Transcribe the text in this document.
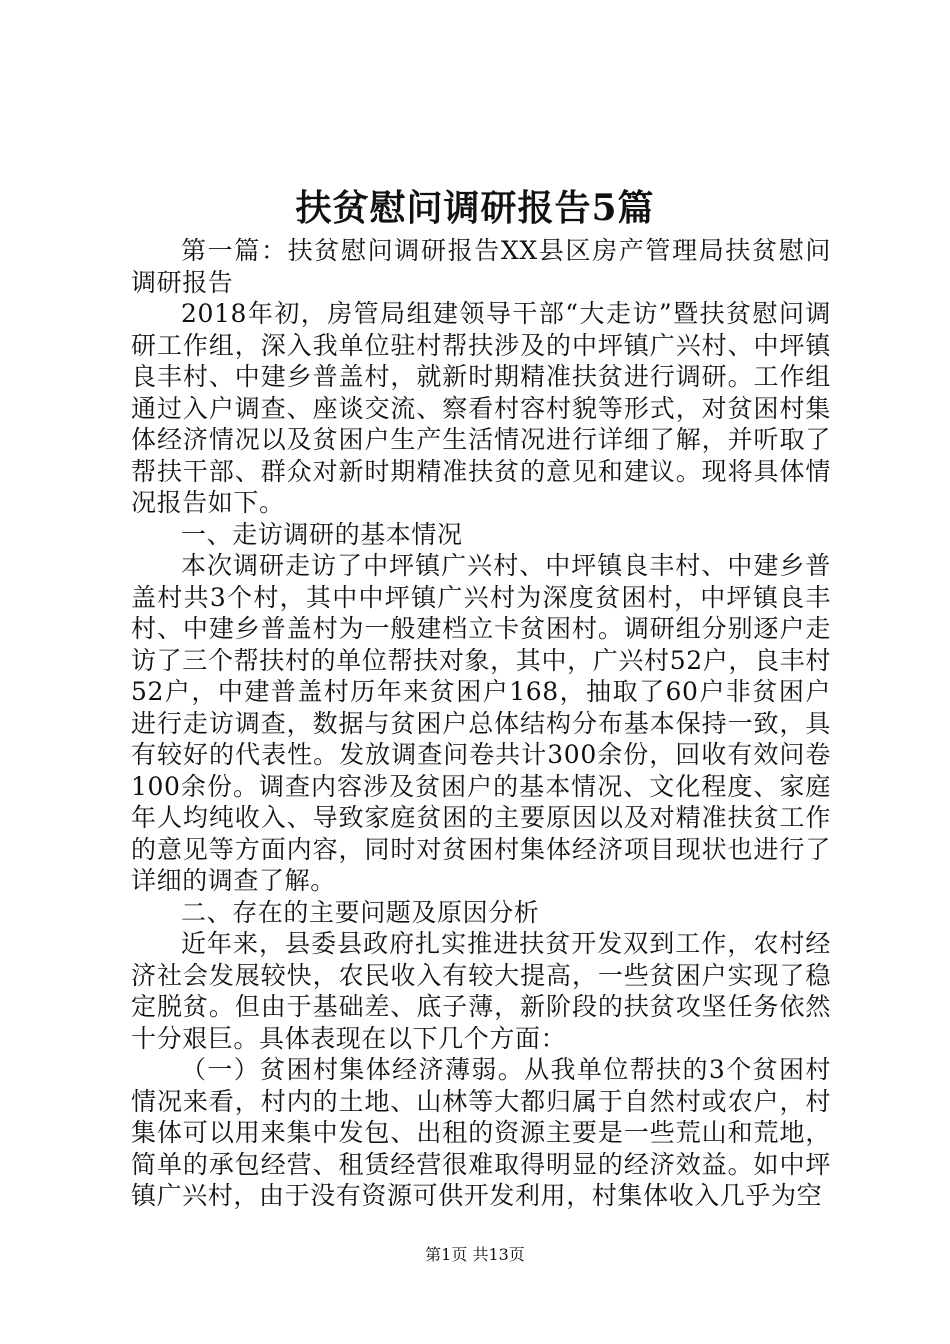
扶贫慰问调研报告5篇

第一篇：扶贫慰问调研报告XX县区房产管理局扶贫慰问调研报告

2018年初，房管局组建领导干部“大走访”暨扶贫慰问调研工作组，深入我单位驻村帮扶涉及的中坪镇广兴村、中坪镇良丰村、中建乡普盖村，就新时期精准扶贫进行调研。工作组通过入户调查、座谈交流、察看村容村貌等形式，对贫困村集体经济情况以及贫困户生产生活情况进行详细了解，并听取了帮扶干部、群众对新时期精准扶贫的意见和建议。现将具体情况报告如下。

一、走访调研的基本情况

本次调研走访了中坪镇广兴村、中坪镇良丰村、中建乡普盖村共3个村，其中中坪镇广兴村为深度贫困村，中坪镇良丰村、中建乡普盖村为一般建档立卡贫困村。调研组分别逐户走访了三个帮扶村的单位帮扶对象，其中，广兴村52户，良丰村52户，中建普盖村历年来贫困户168，抽取了60户非贫困户进行走访调查，数据与贫困户总体结构分布基本保持一致，具有较好的代表性。发放调查问卷共计300余份，回收有效问卷100余份。调查内容涉及贫困户的基本情况、文化程度、家庭年人均纯收入、导致家庭贫困的主要原因以及对精准扶贫工作的意见等方面内容，同时对贫困村集体经济项目现状也进行了详细的调查了解。

二、存在的主要问题及原因分析

近年来，县委县政府扎实推进扶贫开发双到工作，农村经济社会发展较快，农民收入有较大提高，一些贫困户实现了稳定脱贫。但由于基础差、底子薄，新阶段的扶贫攻坚任务依然十分艰巨。具体表现在以下几个方面：

（一）贫困村集体经济薄弱。从我单位帮扶的3个贫困村情况来看，村内的土地、山林等大都归属于自然村或农户，村集体可以用来集中发包、出租的资源主要是一些荒山和荒地，简单的承包经营、租赁经营很难取得明显的经济效益。如中坪镇广兴村，由于没有资源可供开发利用，村集体收入几乎为空

第1页 共13页
